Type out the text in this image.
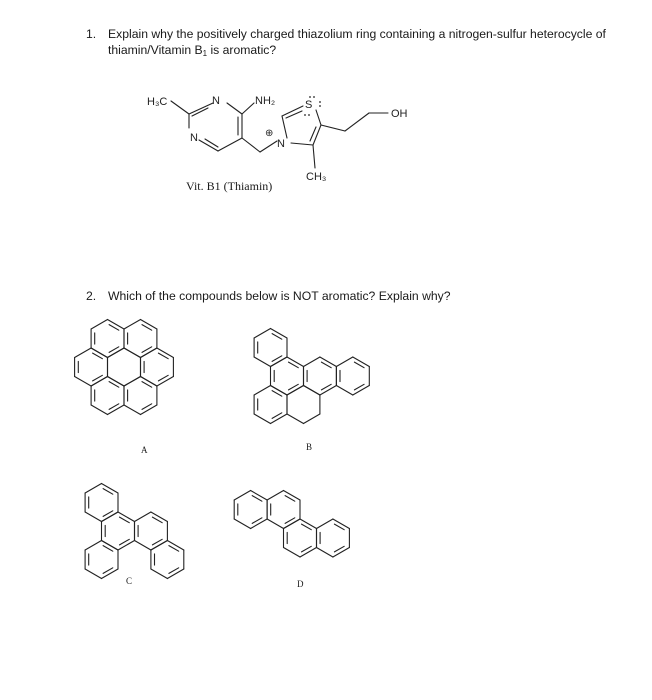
1. Explain why the positively charged thiazolium ring containing a nitrogen-sulfur heterocycle of thiamin/Vitamin $B_1$ is aromatic?
H₃C	N	NH₂
N	⊕
N
S
OH
CH₃
Vit. B1 (Thiamin)
2. Which of the compounds below is NOT aromatic? Explain why?
A	B
C	D
